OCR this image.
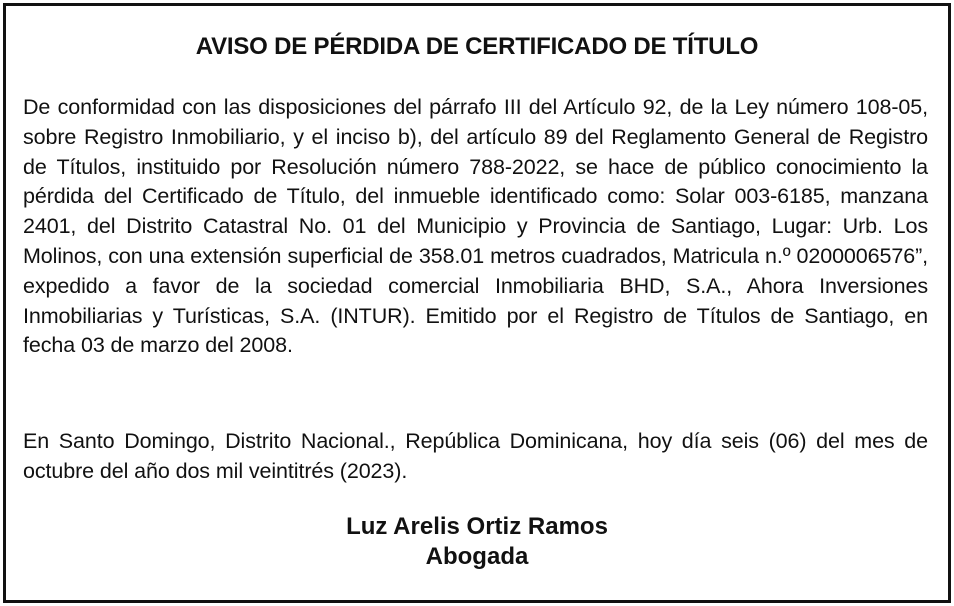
AVISO DE PÉRDIDA DE CERTIFICADO DE TÍTULO

De conformidad con las disposiciones del párrafo III del Artículo 92, de la Ley número 108-05, sobre Registro Inmobiliario, y el inciso b), del artículo 89 del Reglamento General de Registro de Títulos, instituido por Resolución número 788-2022, se hace de público conocimiento la pérdida del Certificado de Título, del inmueble identificado como: Solar 003-6185, manzana 2401, del Distrito Catastral No. 01 del Municipio y Provincia de Santiago, Lugar: Urb. Los Molinos, con una extensión superficial de 358.01 metros cuadrados, Matricula n.º 0200006576”, expedido a favor de la sociedad comercial Inmobiliaria BHD, S.A., Ahora Inversiones Inmobiliarias y Turísticas, S.A. (INTUR). Emitido por el Registro de Títulos de Santiago, en fecha 03 de marzo del 2008.

En Santo Domingo, Distrito Nacional., República Dominicana, hoy día seis (06) del mes de octubre del año dos mil veintitrés (2023).

Luz Arelis Ortiz Ramos
Abogada
